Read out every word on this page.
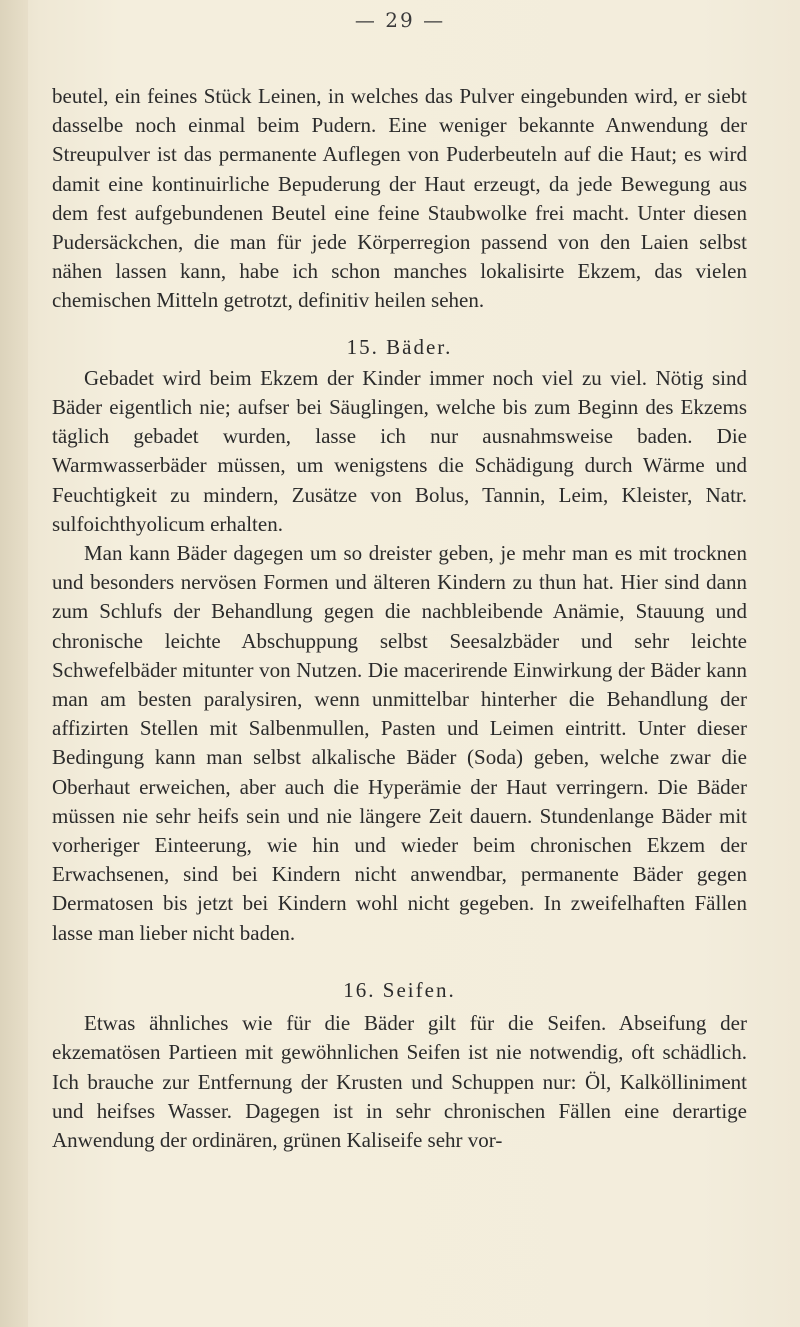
— 29 —

beutel, ein feines Stück Leinen, in welches das Pulver eingebunden wird, er siebt dasselbe noch einmal beim Pudern. Eine weniger bekannte Anwendung der Streupulver ist das permanente Auflegen von Puderbeuteln auf die Haut; es wird damit eine kontinuirliche Bepuderung der Haut erzeugt, da jede Bewegung aus dem fest aufgebundenen Beutel eine feine Staubwolke frei macht. Unter diesen Pudersäckchen, die man für jede Körperregion passend von den Laien selbst nähen lassen kann, habe ich schon manches lokalisirte Ekzem, das vielen chemischen Mitteln getrotzt, definitiv heilen sehen.

15. Bäder.

Gebadet wird beim Ekzem der Kinder immer noch viel zu viel. Nötig sind Bäder eigentlich nie; aufser bei Säuglingen, welche bis zum Beginn des Ekzems täglich gebadet wurden, lasse ich nur ausnahmsweise baden. Die Warmwasserbäder müssen, um wenigstens die Schädigung durch Wärme und Feuchtigkeit zu mindern, Zusätze von Bolus, Tannin, Leim, Kleister, Natr. sulfoichthyolicum erhalten.

Man kann Bäder dagegen um so dreister geben, je mehr man es mit trocknen und besonders nervösen Formen und älteren Kindern zu thun hat. Hier sind dann zum Schlufs der Behandlung gegen die nachbleibende Anämie, Stauung und chronische leichte Abschuppung selbst Seesalzbäder und sehr leichte Schwefelbäder mitunter von Nutzen. Die macerirende Einwirkung der Bäder kann man am besten paralysiren, wenn unmittelbar hinterher die Behandlung der affizirten Stellen mit Salbenmullen, Pasten und Leimen eintritt. Unter dieser Bedingung kann man selbst alkalische Bäder (Soda) geben, welche zwar die Oberhaut erweichen, aber auch die Hyperämie der Haut verringern. Die Bäder müssen nie sehr heifs sein und nie längere Zeit dauern. Stundenlange Bäder mit vorheriger Einteerung, wie hin und wieder beim chronischen Ekzem der Erwachsenen, sind bei Kindern nicht anwendbar, permanente Bäder gegen Dermatosen bis jetzt bei Kindern wohl nicht gegeben. In zweifelhaften Fällen lasse man lieber nicht baden.

16. Seifen.

Etwas ähnliches wie für die Bäder gilt für die Seifen. Abseifung der ekzematösen Partieen mit gewöhnlichen Seifen ist nie notwendig, oft schädlich. Ich brauche zur Entfernung der Krusten und Schuppen nur: Öl, Kalkölliniment und heifses Wasser. Dagegen ist in sehr chronischen Fällen eine derartige Anwendung der ordinären, grünen Kaliseife sehr vor-
